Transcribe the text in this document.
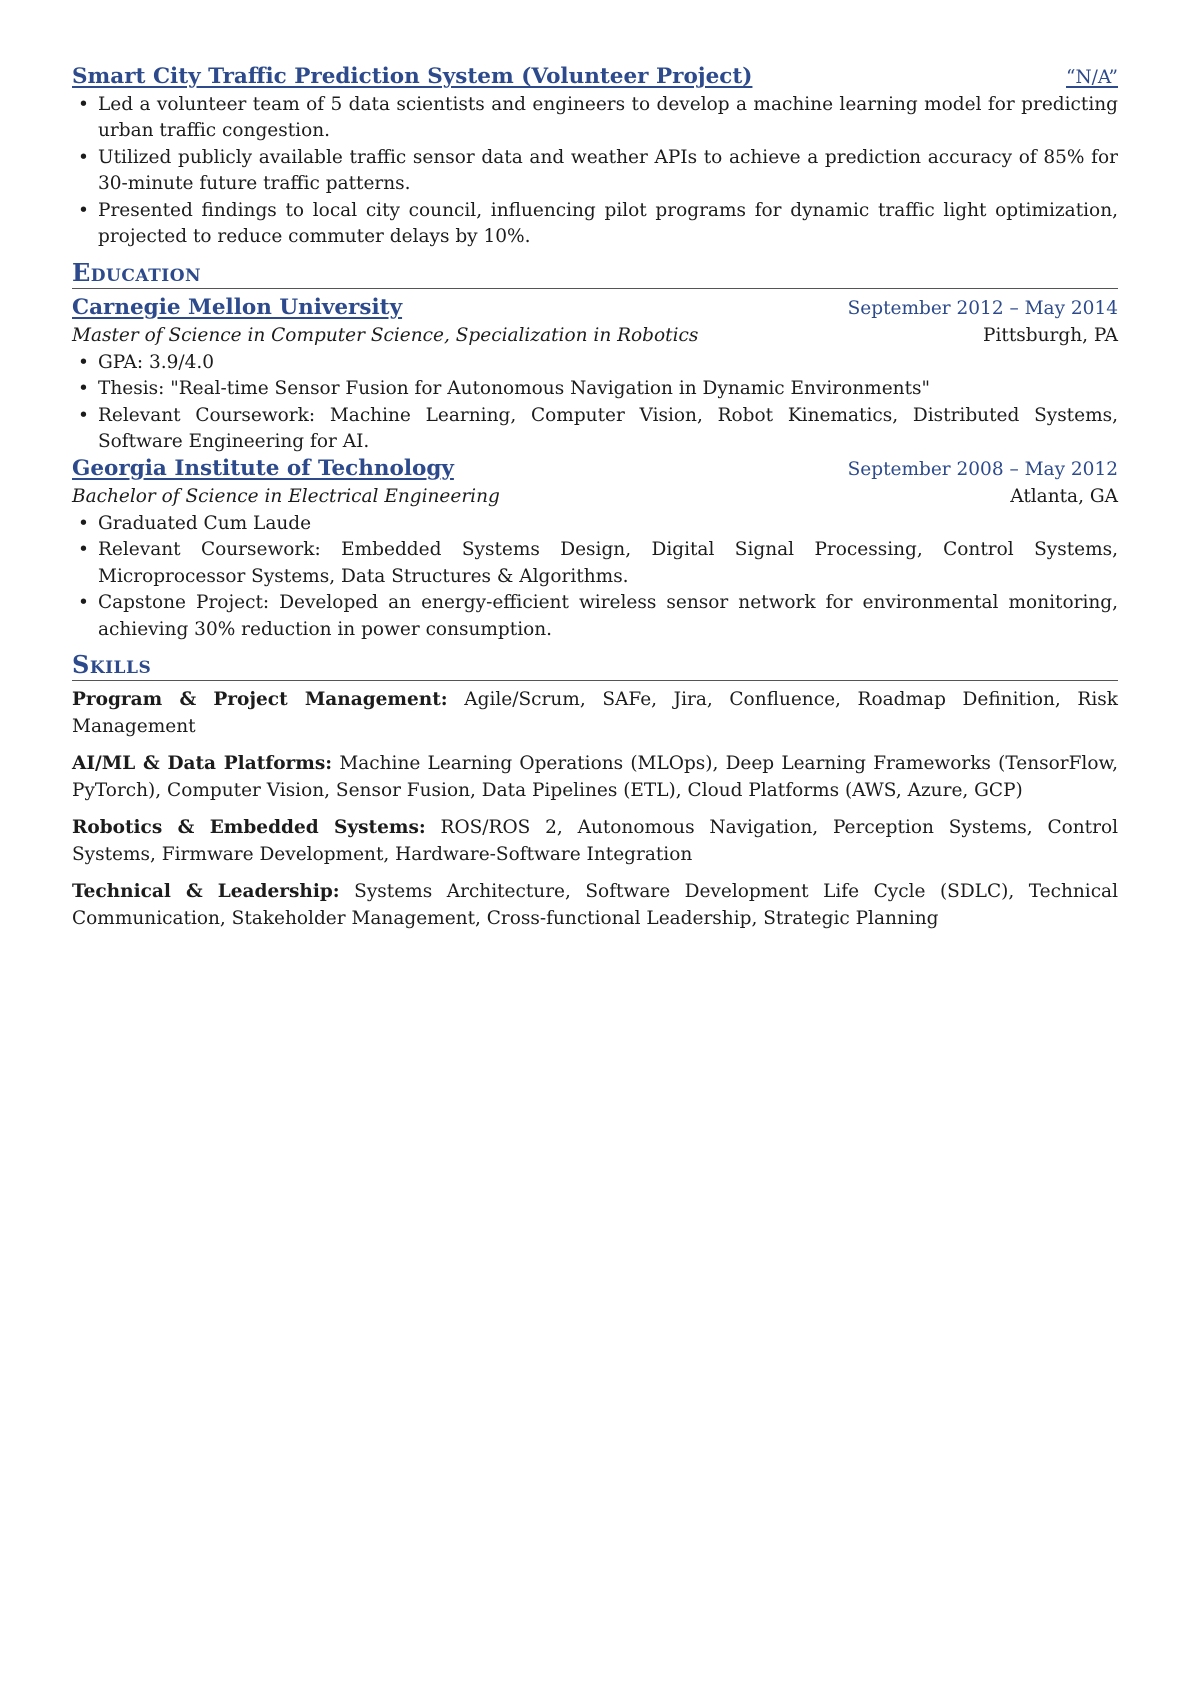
Smart City Traffic Prediction System (Volunteer Project)	“N/A”
• Led a volunteer team of 5 data scientists and engineers to develop a machine learning model for predicting urban traffic congestion.
• Utilized publicly available traffic sensor data and weather APIs to achieve a prediction accuracy of 85% for 30-minute future traffic patterns.
• Presented findings to local city council, influencing pilot programs for dynamic traffic light optimization, projected to reduce commuter delays by 10%.
Education
Carnegie Mellon University	September 2012 – May 2014
Master of Science in Computer Science, Specialization in Robotics	Pittsburgh, PA
• GPA: 3.9/4.0
• Thesis: "Real-time Sensor Fusion for Autonomous Navigation in Dynamic Environments"
• Relevant Coursework: Machine Learning, Computer Vision, Robot Kinematics, Distributed Systems, Software Engineering for AI.
Georgia Institute of Technology	September 2008 – May 2012
Bachelor of Science in Electrical Engineering	Atlanta, GA
• Graduated Cum Laude
• Relevant Coursework: Embedded Systems Design, Digital Signal Processing, Control Systems, Microprocessor Systems, Data Structures & Algorithms.
• Capstone Project: Developed an energy-efficient wireless sensor network for environmental monitoring, achieving 30% reduction in power consumption.
Skills
Program & Project Management: Agile/Scrum, SAFe, Jira, Confluence, Roadmap Definition, Risk Management
AI/ML & Data Platforms: Machine Learning Operations (MLOps), Deep Learning Frameworks (TensorFlow, PyTorch), Computer Vision, Sensor Fusion, Data Pipelines (ETL), Cloud Platforms (AWS, Azure, GCP)
Robotics & Embedded Systems: ROS/ROS 2, Autonomous Navigation, Perception Systems, Control Systems, Firmware Development, Hardware-Software Integration
Technical & Leadership: Systems Architecture, Software Development Life Cycle (SDLC), Technical Communication, Stakeholder Management, Cross-functional Leadership, Strategic Planning
